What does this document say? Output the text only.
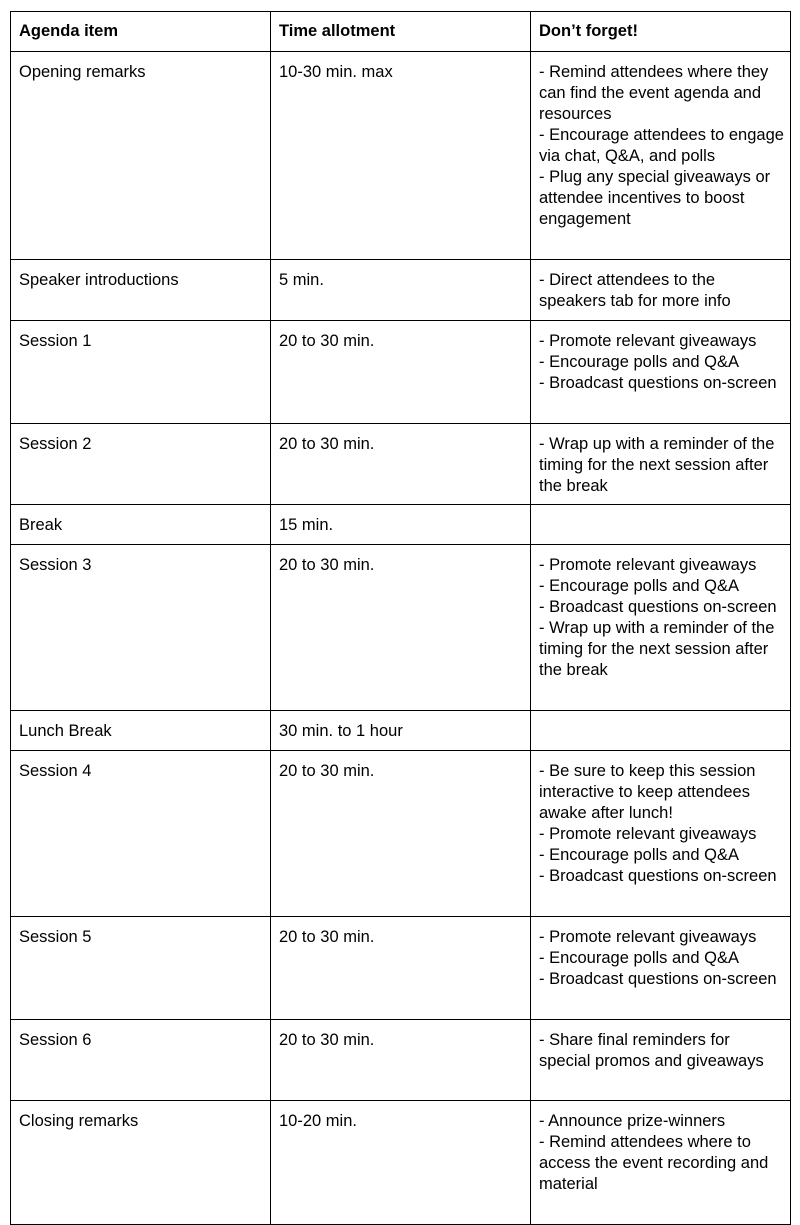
Agenda item	Time allotment	Don’t forget!
Opening remarks	10-30 min. max	- Remind attendees where they can find the event agenda and resources
- Encourage attendees to engage via chat, Q&A, and polls
- Plug any special giveaways or attendee incentives to boost engagement
Speaker introductions	5 min.	- Direct attendees to the speakers tab for more info
Session 1	20 to 30 min.	- Promote relevant giveaways
- Encourage polls and Q&A
- Broadcast questions on-screen
Session 2	20 to 30 min.	- Wrap up with a reminder of the timing for the next session after the break
Break	15 min.	
Session 3	20 to 30 min.	- Promote relevant giveaways
- Encourage polls and Q&A
- Broadcast questions on-screen
- Wrap up with a reminder of the timing for the next session after the break
Lunch Break	30 min. to 1 hour	
Session 4	20 to 30 min.	- Be sure to keep this session interactive to keep attendees awake after lunch!
- Promote relevant giveaways
- Encourage polls and Q&A
- Broadcast questions on-screen
Session 5	20 to 30 min.	- Promote relevant giveaways
- Encourage polls and Q&A
- Broadcast questions on-screen
Session 6	20 to 30 min.	- Share final reminders for special promos and giveaways
Closing remarks	10-20 min.	- Announce prize-winners
- Remind attendees where to access the event recording and material
